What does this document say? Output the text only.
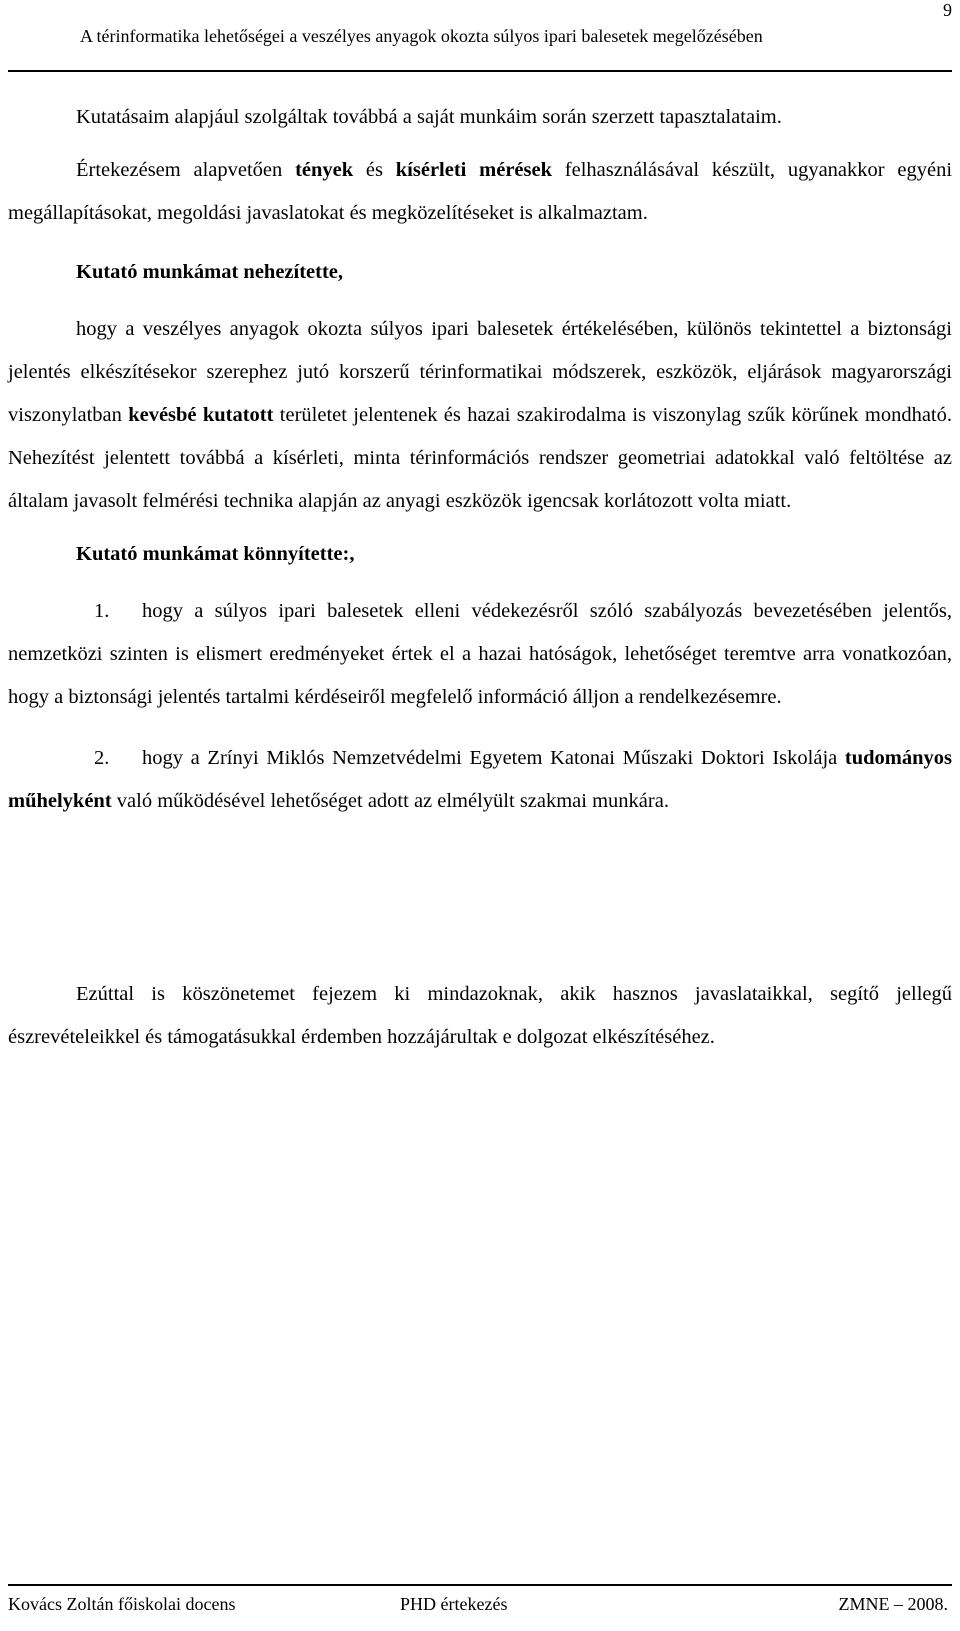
9
A térinformatika lehetőségei a veszélyes anyagok okozta súlyos ipari balesetek megelőzésében

Kutatásaim alapjául szolgáltak továbbá a saját munkáim során szerzett tapasztalataim.

Értekezésem alapvetően tények és kísérleti mérések felhasználásával készült, ugyanakkor egyéni megállapításokat, megoldási javaslatokat és megközelítéseket is alkalmaztam.

Kutató munkámat nehezítette,

hogy a veszélyes anyagok okozta súlyos ipari balesetek értékelésében, különös tekintettel a biztonsági jelentés elkészítésekor szerephez jutó korszerű térinformatikai módszerek, eszközök, eljárások magyarországi viszonylatban kevésbé kutatott területet jelentenek és hazai szakirodalma is viszonylag szűk körűnek mondható. Nehezítést jelentett továbbá a kísérleti, minta térinformációs rendszer geometriai adatokkal való feltöltése az általam javasolt felmérési technika alapján az anyagi eszközök igencsak korlátozott volta miatt.

Kutató munkámat könnyítette:,

1. hogy a súlyos ipari balesetek elleni védekezésről szóló szabályozás bevezetésében jelentős, nemzetközi szinten is elismert eredményeket értek el a hazai hatóságok, lehetőséget teremtve arra vonatkozóan, hogy a biztonsági jelentés tartalmi kérdéseiről megfelelő információ álljon a rendelkezésemre.

2. hogy a Zrínyi Miklós Nemzetvédelmi Egyetem Katonai Műszaki Doktori Iskolája tudományos műhelyként való működésével lehetőséget adott az elmélyült szakmai munkára.

Ezúttal is köszönetemet fejezem ki mindazoknak, akik hasznos javaslataikkal, segítő jellegű észrevételeikkel és támogatásukkal érdemben hozzájárultak e dolgozat elkészítéséhez.

Kovács Zoltán főiskolai docens	PHD értekezés	ZMNE – 2008.
